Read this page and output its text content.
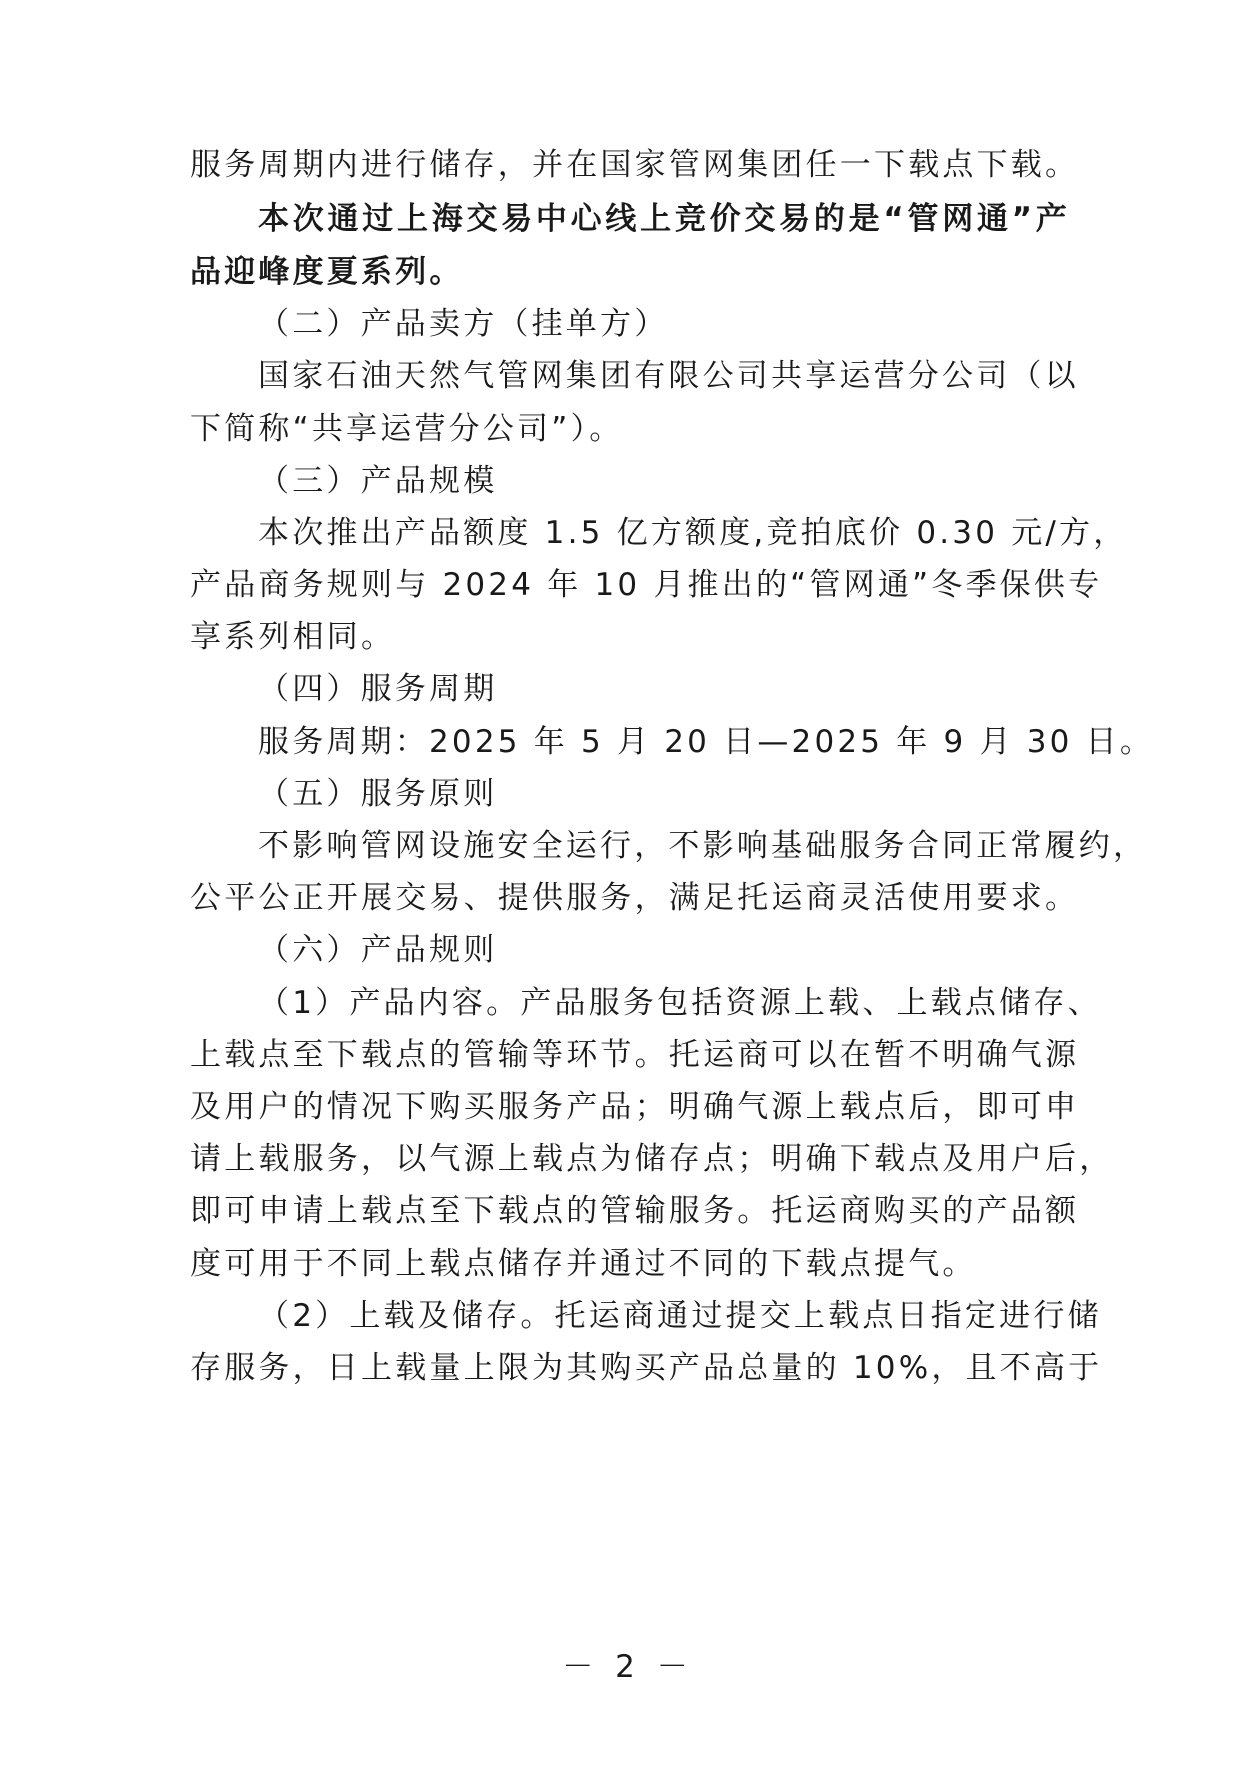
服务周期内进行储存，并在国家管网集团任一下载点下载。
本次通过上海交易中心线上竞价交易的是“管网通”产
品迎峰度夏系列。
（二）产品卖方（挂单方）
国家石油天然气管网集团有限公司共享运营分公司（以
下简称“共享运营分公司”）。
（三）产品规模
本次推出产品额度 1.5 亿方额度,竞拍底价 0.30 元/方，
产品商务规则与 2024 年 10 月推出的“管网通”冬季保供专
享系列相同。
（四）服务周期
服务周期：2025 年 5 月 20 日—2025 年 9 月 30 日。
（五）服务原则
不影响管网设施安全运行，不影响基础服务合同正常履约，
公平公正开展交易、提供服务，满足托运商灵活使用要求。
（六）产品规则
（1）产品内容。产品服务包括资源上载、上载点储存、
上载点至下载点的管输等环节。托运商可以在暂不明确气源
及用户的情况下购买服务产品；明确气源上载点后，即可申
请上载服务，以气源上载点为储存点；明确下载点及用户后，
即可申请上载点至下载点的管输服务。托运商购买的产品额
度可用于不同上载点储存并通过不同的下载点提气。
（2）上载及储存。托运商通过提交上载点日指定进行储
存服务，日上载量上限为其购买产品总量的 10%，且不高于
－ 2 －
